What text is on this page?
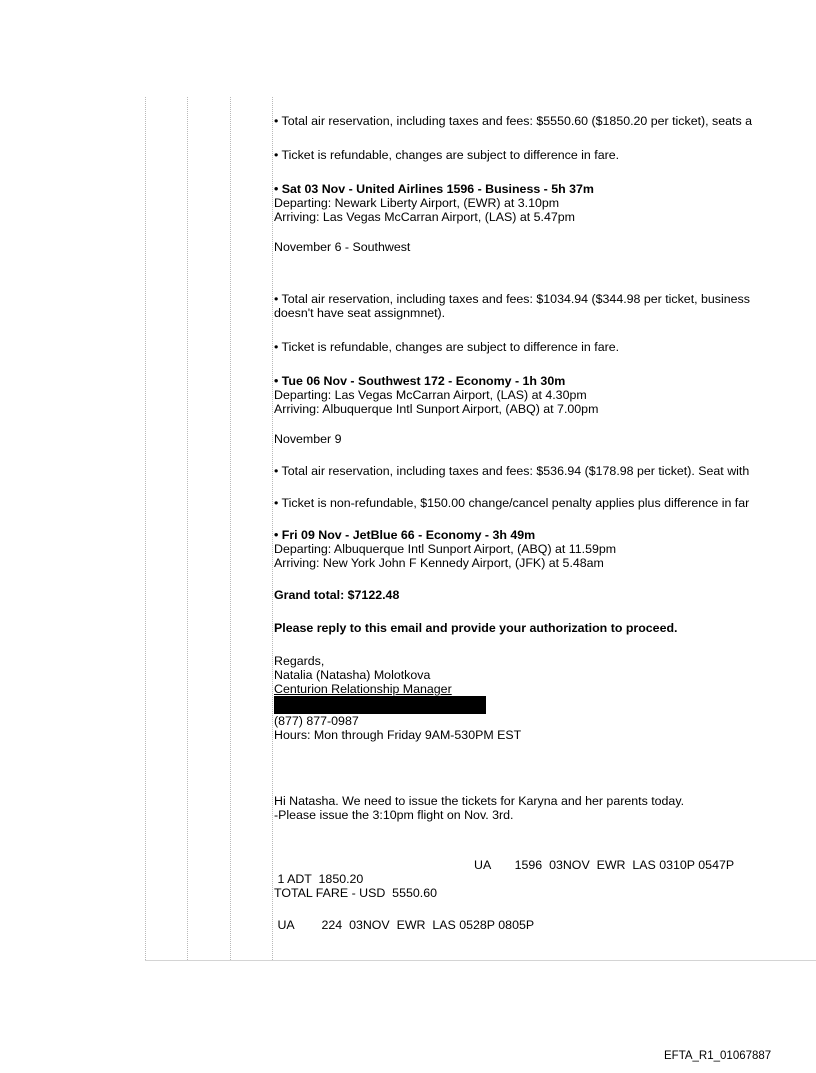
• Total air reservation, including taxes and fees: $5550.60 ($1850.20 per ticket), seats a
• Ticket is refundable, changes are subject to difference in fare.
• Sat 03 Nov - United Airlines 1596 - Business - 5h 37m
Departing: Newark Liberty Airport, (EWR) at 3.10pm
Arriving: Las Vegas McCarran Airport, (LAS) at 5.47pm
November 6 - Southwest
• Total air reservation, including taxes and fees: $1034.94 ($344.98 per ticket, business
doesn't have seat assignmnet).
• Ticket is refundable, changes are subject to difference in fare.
• Tue 06 Nov - Southwest 172 - Economy - 1h 30m
Departing: Las Vegas McCarran Airport, (LAS) at 4.30pm
Arriving: Albuquerque Intl Sunport Airport, (ABQ) at 7.00pm
November 9
• Total air reservation, including taxes and fees: $536.94 ($178.98 per ticket). Seat with
• Ticket is non-refundable, $150.00 change/cancel penalty applies plus difference in far
• Fri 09 Nov - JetBlue 66 - Economy - 3h 49m
Departing: Albuquerque Intl Sunport Airport, (ABQ) at 11.59pm
Arriving: New York John F Kennedy Airport, (JFK) at 5.48am
Grand total: $7122.48
Please reply to this email and provide your authorization to proceed.
Regards,
Natalia (Natasha) Molotkova
Centurion Relationship Manager
(877) 877-0987
Hours: Mon through Friday 9AM-530PM EST
Hi Natasha. We need to issue the tickets for Karyna and her parents today.
-Please issue the 3:10pm flight on Nov. 3rd.
UA       1596  03NOV  EWR  LAS 0310P 0547P
1 ADT  1850.20
TOTAL FARE - USD  5550.60
UA        224  03NOV  EWR  LAS 0528P 0805P
EFTA_R1_01067887
